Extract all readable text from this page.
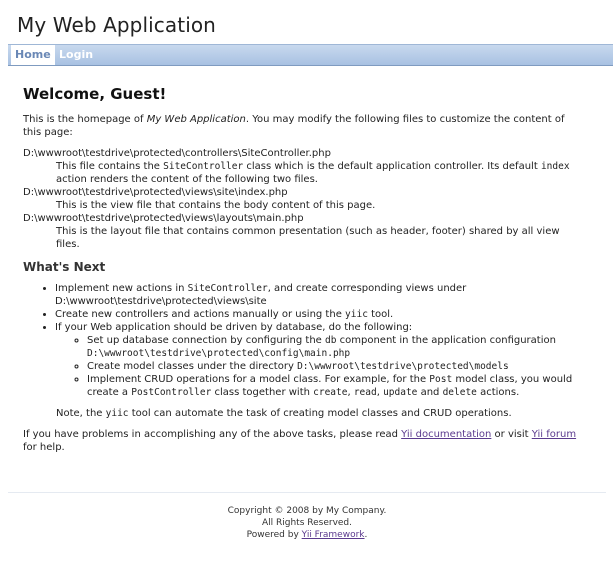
My Web Application
Home Login
Welcome, Guest!

This is the homepage of My Web Application. You may modify the following files to customize the content of this page:

D:\wwwroot\testdrive\protected\controllers\SiteController.php
This file contains the SiteController class which is the default application controller. Its default index action renders the content of the following two files.
D:\wwwroot\testdrive\protected\views\site\index.php
This is the view file that contains the body content of this page.
D:\wwwroot\testdrive\protected\views\layouts\main.php
This is the layout file that contains common presentation (such as header, footer) shared by all view files.
What's Next
• Implement new actions in SiteController, and create corresponding views under D:\wwwroot\testdrive\protected\views\site
• Create new controllers and actions manually or using the yiic tool.
• If your Web application should be driven by database, do the following:
◦ Set up database connection by configuring the db component in the application configuration D:\wwwroot\testdrive\protected\config\main.php
◦ Create model classes under the directory D:\wwwroot\testdrive\protected\models
◦ Implement CRUD operations for a model class. For example, for the Post model class, you would create a PostController class together with create, read, update and delete actions.
Note, the yiic tool can automate the task of creating model classes and CRUD operations.

If you have problems in accomplishing any of the above tasks, please read Yii documentation or visit Yii forum for help.

Copyright © 2008 by My Company.
All Rights Reserved.
Powered by Yii Framework.
